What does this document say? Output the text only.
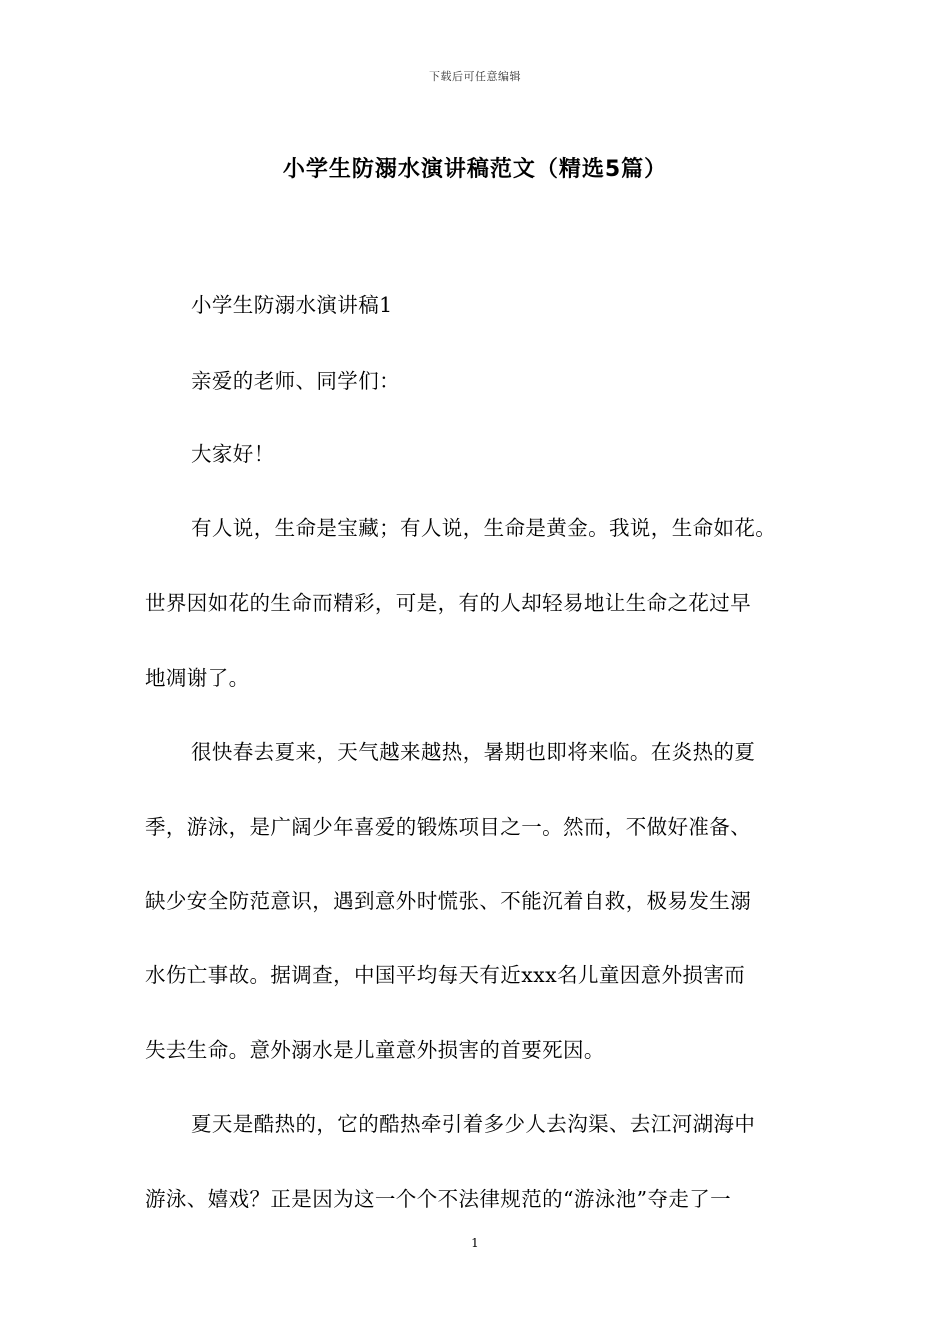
下载后可任意编辑
小学生防溺水演讲稿范文（精选5篇）
小学生防溺水演讲稿1
亲爱的老师、同学们：
大家好！
有人说，生命是宝藏；有人说，生命是黄金。我说，生命如花。
世界因如花的生命而精彩，可是，有的人却轻易地让生命之花过早
地凋谢了。
很快春去夏来，天气越来越热，暑期也即将来临。在炎热的夏
季，游泳，是广阔少年喜爱的锻炼项目之一。然而，不做好准备、
缺少安全防范意识，遇到意外时慌张、不能沉着自救，极易发生溺
水伤亡事故。据调查，中国平均每天有近xxx名儿童因意外损害而
失去生命。意外溺水是儿童意外损害的首要死因。
夏天是酷热的，它的酷热牵引着多少人去沟渠、去江河湖海中
游泳、嬉戏？正是因为这一个个不法律规范的“游泳池”夺走了一
1
